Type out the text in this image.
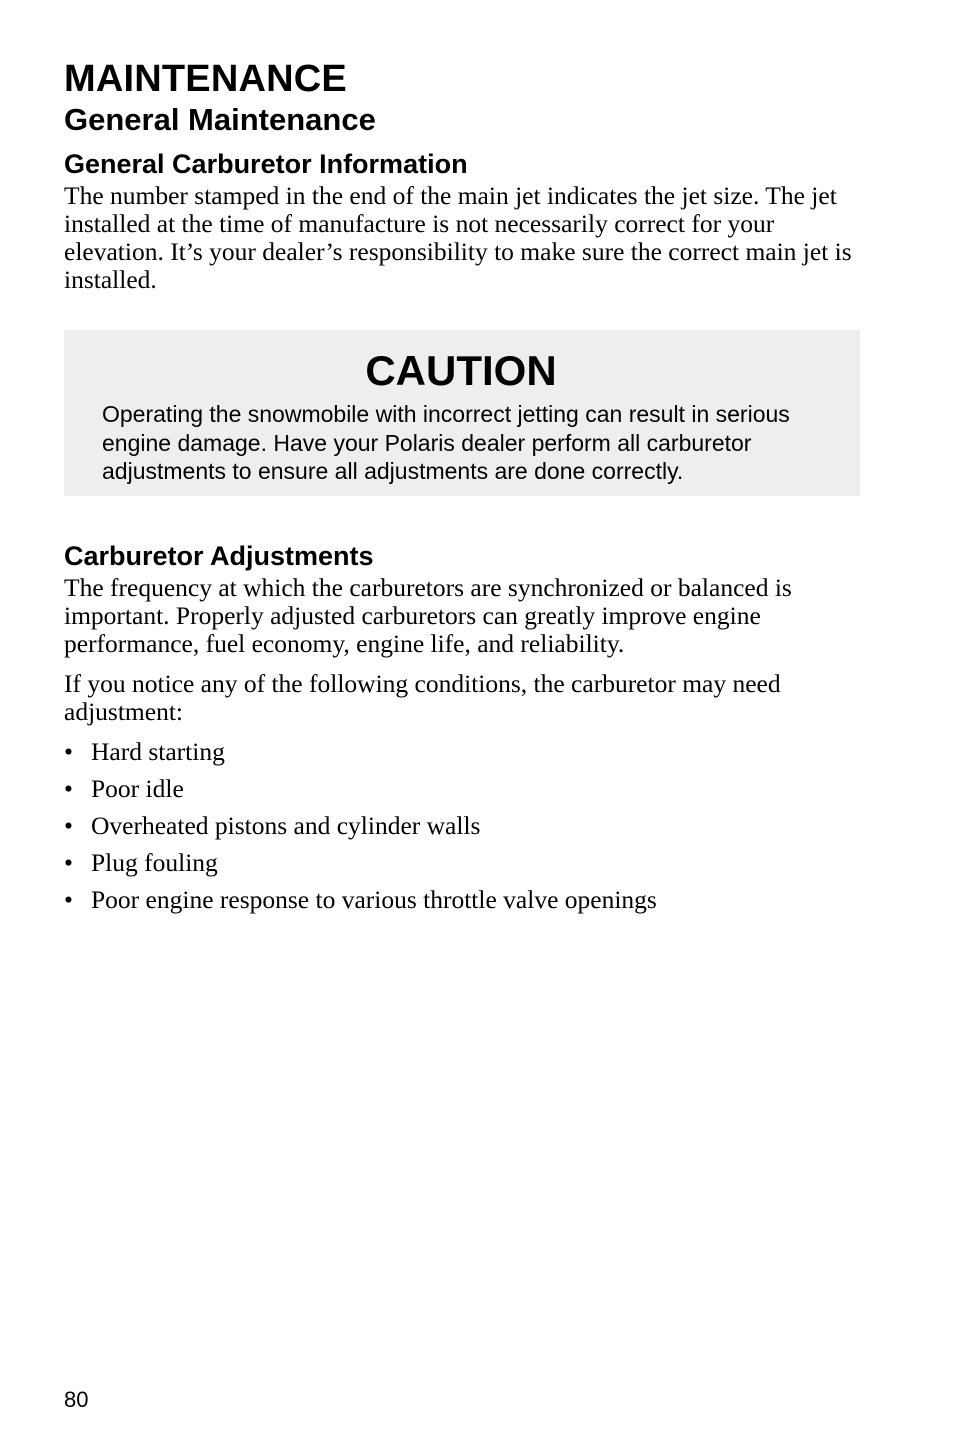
MAINTENANCE
General Maintenance
General Carburetor Information

The number stamped in the end of the main jet indicates the jet size. The jet installed at the time of manufacture is not necessarily correct for your elevation. It’s your dealer’s responsibility to make sure the correct main jet is installed.

CAUTION

Operating the snowmobile with incorrect jetting can result in serious engine damage. Have your Polaris dealer perform all carburetor adjustments to ensure all adjustments are done correctly.

Carburetor Adjustments

The frequency at which the carburetors are synchronized or balanced is important. Properly adjusted carburetors can greatly improve engine performance, fuel economy, engine life, and reliability.

If you notice any of the following conditions, the carburetor may need adjustment:

• Hard starting
• Poor idle
• Overheated pistons and cylinder walls
• Plug fouling
• Poor engine response to various throttle valve openings
80
